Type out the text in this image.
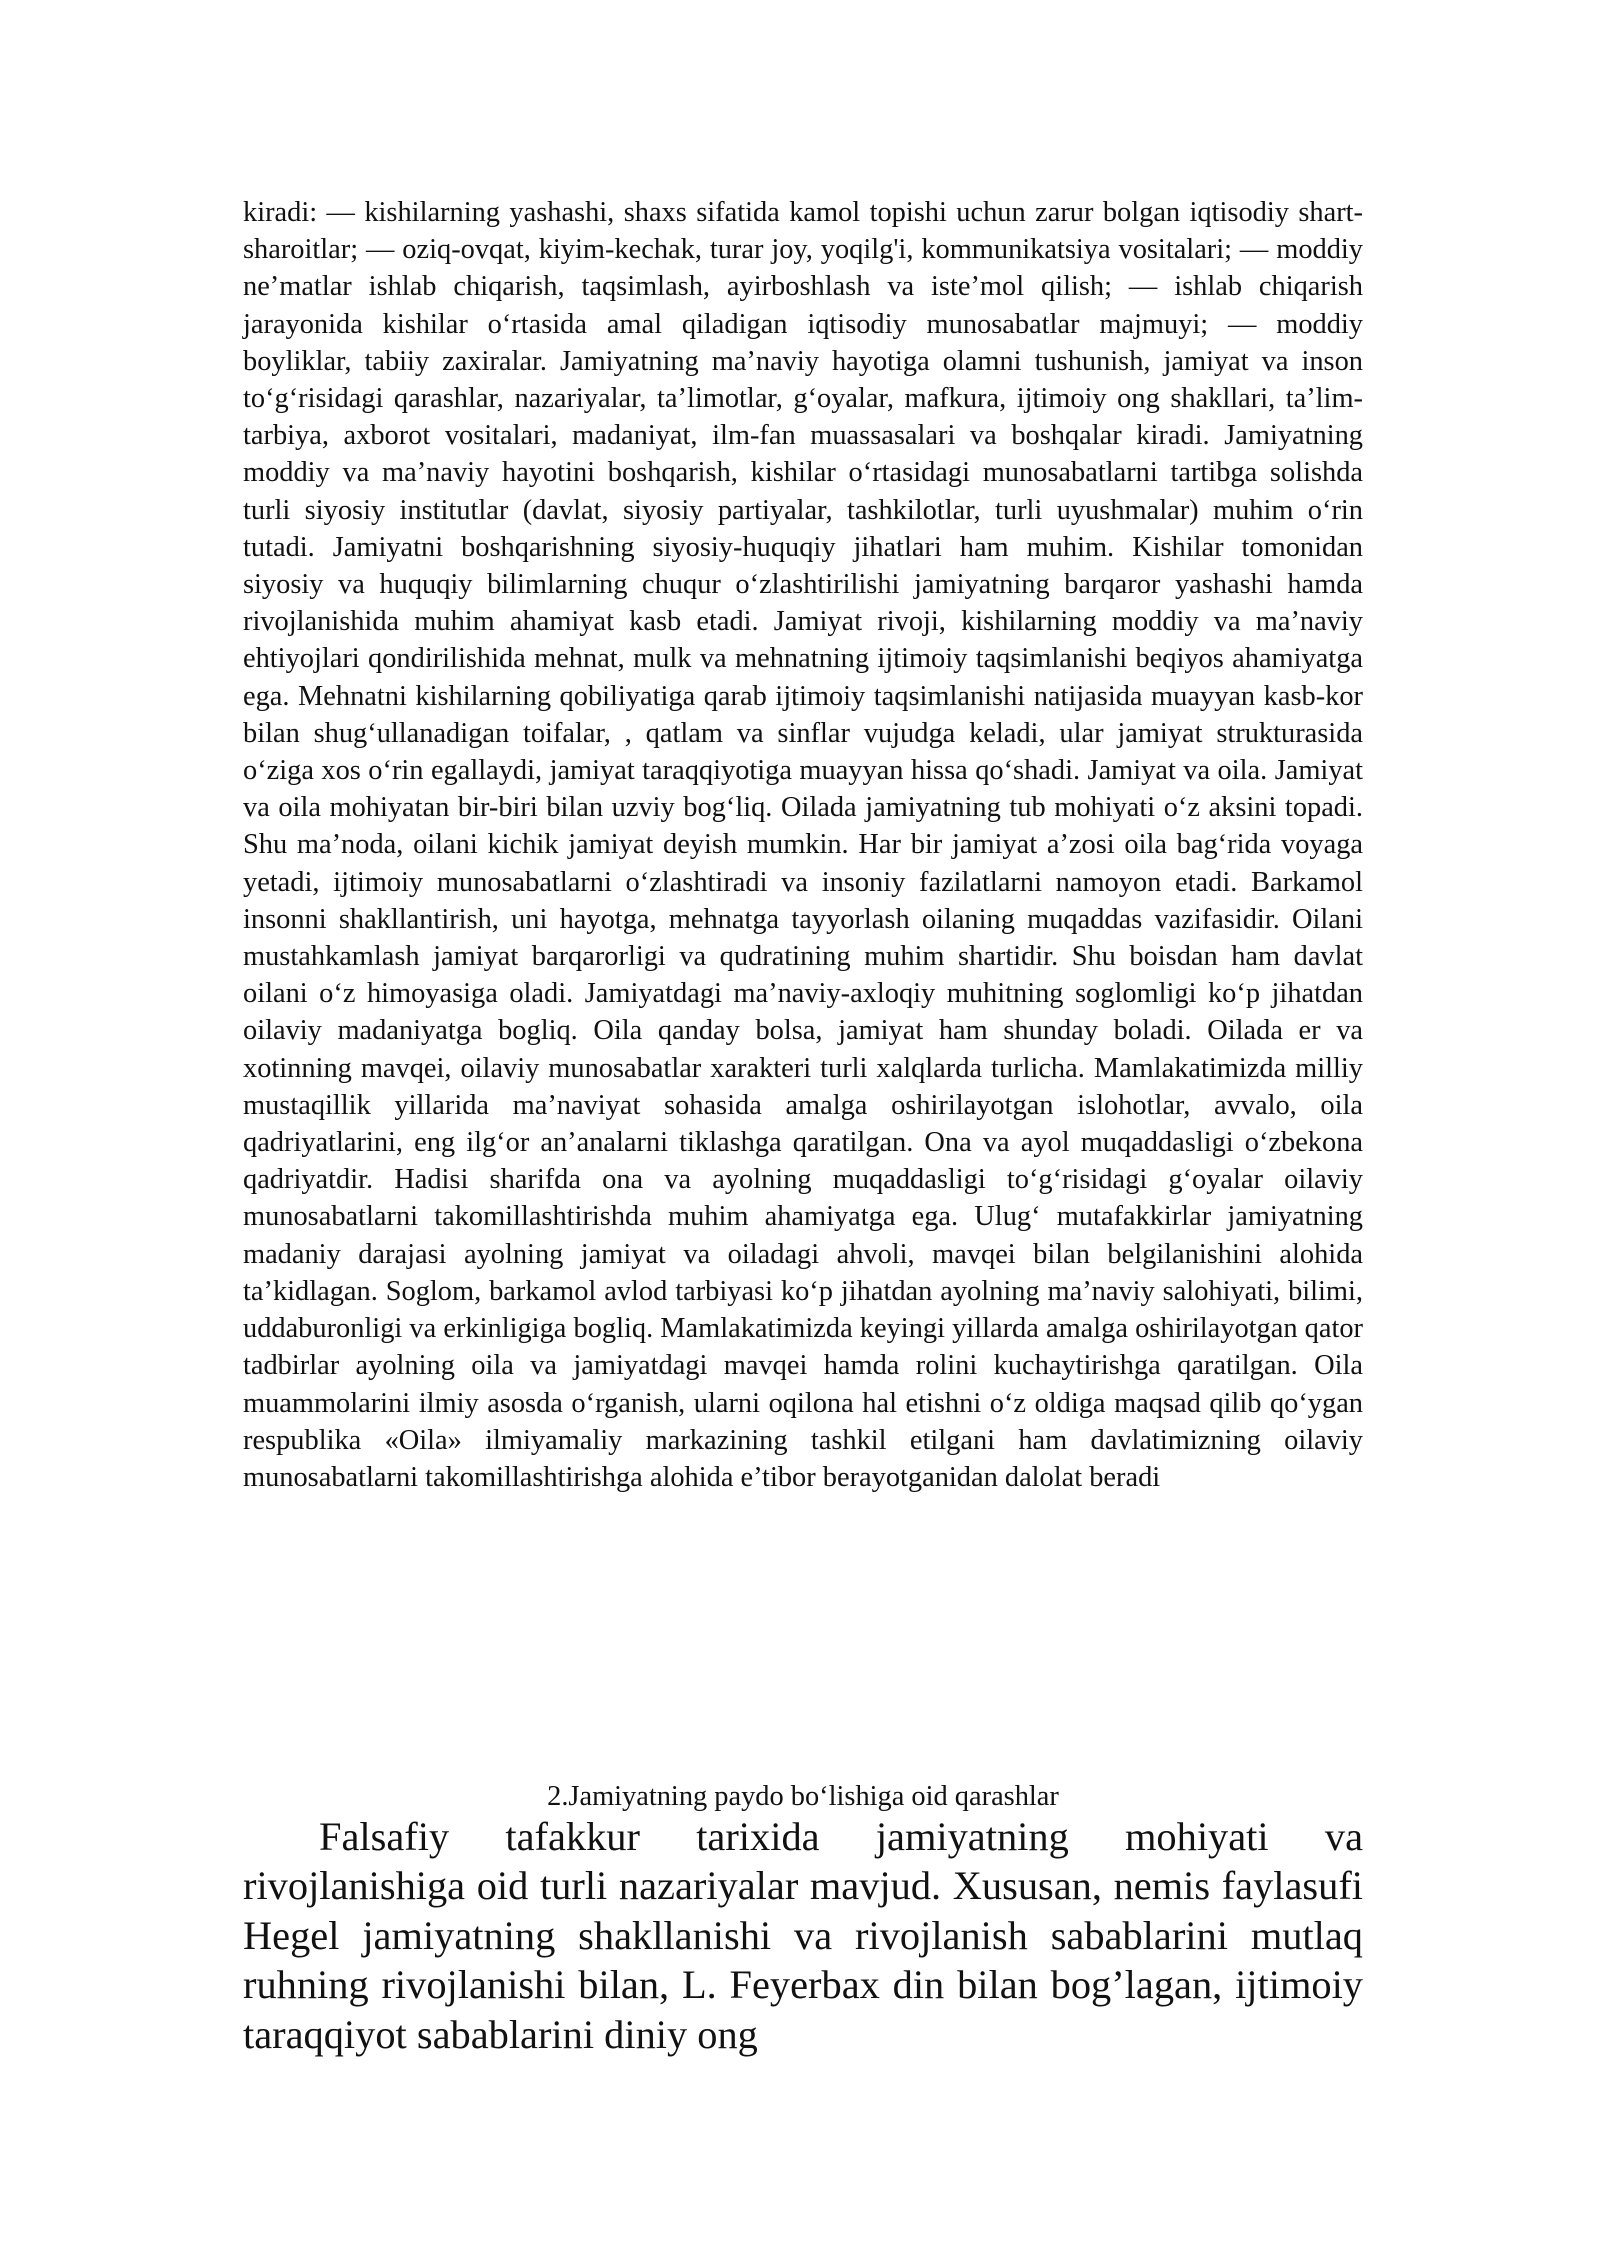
kiradi: — kishilarning yashashi, shaxs sifatida kamol topishi uchun zarur bolgan iqtisodiy shart-sharoitlar; — oziq-ovqat, kiyim-kechak, turar joy, yoqilg'i, kommunikatsiya vositalari; — moddiy ne’matlar ishlab chiqarish, taqsimlash, ayirboshlash va iste’mol qilish; — ishlab chiqarish jarayonida kishilar o‘rtasida amal qiladigan iqtisodiy munosabatlar majmuyi; — moddiy boyliklar, tabiiy zaxiralar. Jamiyatning ma’naviy hayotiga olamni tushunish, jamiyat va inson to‘g‘risidagi qarashlar, nazariyalar, ta’limotlar, g‘oyalar, mafkura, ijtimoiy ong shakllari, ta’lim-tarbiya, axborot vositalari, madaniyat, ilm-fan muassasalari va boshqalar kiradi. Jamiyatning moddiy va ma’naviy hayotini boshqarish, kishilar o‘rtasidagi munosabatlarni tartibga solishda turli siyosiy institutlar (davlat, siyosiy partiyalar, tashkilotlar, turli uyushmalar) muhim o‘rin tutadi. Jamiyatni boshqarishning siyosiy-huquqiy jihatlari ham muhim. Kishilar tomonidan siyosiy va huquqiy bilimlarning chuqur o‘zlashtirilishi jamiyatning barqaror yashashi hamda rivojlanishida muhim ahamiyat kasb etadi. Jamiyat rivoji, kishilarning moddiy va ma’naviy ehtiyojlari qondirilishida mehnat, mulk va mehnatning ijtimoiy taqsimlanishi beqiyos ahamiyatga ega. Mehnatni kishilarning qobiliyatiga qarab ijtimoiy taqsimlanishi natijasida muayyan kasb-kor bilan shug‘ullanadigan toifalar, , qatlam va sinflar vujudga keladi, ular jamiyat strukturasida o‘ziga xos o‘rin egallaydi, jamiyat taraqqiyotiga muayyan hissa qo‘shadi. Jamiyat va oila. Jamiyat va oila mohiyatan bir-biri bilan uzviy bog‘liq. Oilada jamiyatning tub mohiyati o‘z aksini topadi. Shu ma’noda, oilani kichik jamiyat deyish mumkin. Har bir jamiyat a’zosi oila bag‘rida voyaga yetadi, ijtimoiy munosabatlarni o‘zlashtiradi va insoniy fazilatlarni namoyon etadi. Barkamol insonni shakllantirish, uni hayotga, mehnatga tayyorlash oilaning muqaddas vazifasidir. Oilani mustahkamlash jamiyat barqarorligi va qudratining muhim shartidir. Shu boisdan ham davlat oilani o‘z himoyasiga oladi. Jamiyatdagi ma’naviy-axloqiy muhitning soglomligi ko‘p jihatdan oilaviy madaniyatga bogliq. Oila qanday bolsa, jamiyat ham shunday boladi. Oilada er va xotinning mavqei, oilaviy munosabatlar xarakteri turli xalqlarda turlicha. Mamlakatimizda milliy mustaqillik yillarida ma’naviyat sohasida amalga oshirilayotgan islohotlar, avvalo, oila qadriyatlarini, eng ilg‘or an’analarni tiklashga qaratilgan. Ona va ayol muqaddasligi o‘zbekona qadriyatdir. Hadisi sharifda ona va ayolning muqaddasligi to‘g‘risidagi g‘oyalar oilaviy munosabatlarni takomillashtirishda muhim ahamiyatga ega. Ulug‘ mutafakkirlar jamiyatning madaniy darajasi ayolning jamiyat va oiladagi ahvoli, mavqei bilan belgilanishini alohida ta’kidlagan. Soglom, barkamol avlod tarbiyasi ko‘p jihatdan ayolning ma’naviy salohiyati, bilimi, uddaburonligi va erkinligiga bogliq. Mamlakatimizda keyingi yillarda amalga oshirilayotgan qator tadbirlar ayolning oila va jamiyatdagi mavqei hamda rolini kuchaytirishga qaratilgan. Oila muammolarini ilmiy asosda o‘rganish, ularni oqilona hal etishni o‘z oldiga maqsad qilib qo‘ygan respublika «Oila» ilmiyamaliy markazining tashkil etilgani ham davlatimizning oilaviy munosabatlarni takomillashtirishga alohida e’tibor berayotganidan dalolat beradi

2.Jamiyatning paydo bo‘lishiga oid qarashlar

Falsafiy tafakkur tarixida jamiyatning mohiyati va rivojlanishiga oid turli nazariyalar mavjud. Xususan, nemis faylasufi Hegel jamiyatning shakllanishi va rivojlanish sabablarini mutlaq ruhning rivojlanishi bilan, L. Feyerbax din bilan bog’lagan, ijtimoiy taraqqiyot sabablarini diniy ong
